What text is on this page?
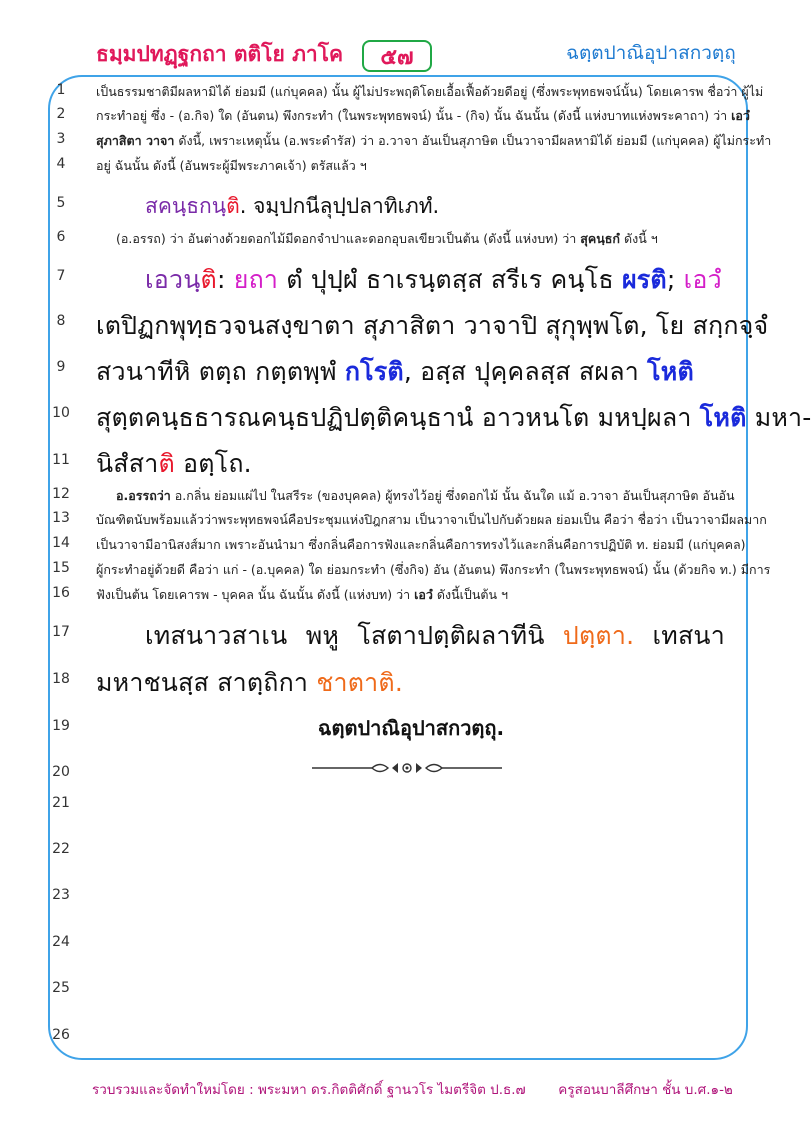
ธมฺมปทฏฺฐกถา ตติโย ภาโค ๕๗	ฉตฺตปาณิอุปาสกวตฺถุ
1
2
3
4
5
6
7
8
9
10
11
12
13
14
15
16
17
18
19
20
21
22
23
24
25
26
เป็นธรรมชาติมีผลหามิได้ ย่อมมี (แก่บุคคล) นั้น ผู้ไม่ประพฤติโดยเอื้อเฟื้อด้วยดีอยู่ (ซึ่งพระพุทธพจน์นั้น) โดยเคารพ ชื่อว่า ผู้ไม่
กระทำอยู่ ซึ่ง - (อ.กิจ) ใด (อันตน) พึงกระทำ (ในพระพุทธพจน์) นั้น - (กิจ) นั้น ฉันนั้น (ดังนี้ แห่งบาทแห่งพระคาถา) ว่า เอวํ
สุภาสิตา วาจา ดังนี้, เพราะเหตุนั้น (อ.พระดำรัส) ว่า อ.วาจา อันเป็นสุภาษิต เป็นวาจามีผลหามิได้ ย่อมมี (แก่บุคคล) ผู้ไม่กระทำ
อยู่ ฉันนั้น ดังนี้ (อันพระผู้มีพระภาคเจ้า) ตรัสแล้ว ฯ
สคนฺธกนฺติ. จมฺปกนีลุปฺปลาทิเภทํ.
(อ.อรรถ) ว่า อันต่างด้วยดอกไม้มีดอกจำปาและดอกอุบลเขียวเป็นต้น (ดังนี้ แห่งบท) ว่า สุคนฺธกํ ดังนี้ ฯ
เอวนฺติ: ยถา ตํ ปุปฺผํ ธาเรนฺตสฺส สรีเร คนฺโธ ผรติ; เอวํ
เตปิฏกพุทฺธวจนสงฺขาตา สุภาสิตา วาจาปิ สุกุพฺพโต, โย สกฺกจฺจํ
สวนาทีหิ ตตฺถ กตฺตพฺพํ กโรติ, อสฺส ปุคฺคลสฺส สผลา โหติ
สุตฺตคนฺธธารณคนฺธปฏิปตฺติคนฺธานํ อาวหนโต มหปฺผลา โหติ มหา-
นิสํสาติ อตฺโถ.
อ.อรรถว่า อ.กลิ่น ย่อมแผ่ไป ในสรีระ (ของบุคคล) ผู้ทรงไว้อยู่ ซึ่งดอกไม้ นั้น ฉันใด แม้ อ.วาจา อันเป็นสุภาษิต อันอัน
บัณฑิตนับพร้อมแล้วว่าพระพุทธพจน์คือประชุมแห่งปิฎกสาม เป็นวาจาเป็นไปกับด้วยผล ย่อมเป็น คือว่า ชื่อว่า เป็นวาจามีผลมาก
เป็นวาจามีอานิสงส์มาก เพราะอันนำมา ซึ่งกลิ่นคือการฟังและกลิ่นคือการทรงไว้และกลิ่นคือการปฏิบัติ ท. ย่อมมี (แก่บุคคล)
ผู้กระทำอยู่ด้วยดี คือว่า แก่ - (อ.บุคคล) ใด ย่อมกระทำ (ซึ่งกิจ) อัน (อันตน) พึงกระทำ (ในพระพุทธพจน์) นั้น (ด้วยกิจ ท.) มีการ
ฟังเป็นต้น โดยเคารพ - บุคคล นั้น ฉันนั้น ดังนี้ (แห่งบท) ว่า เอวํ ดังนี้เป็นต้น ฯ
เทสนาวสาเน พหู โสตาปตฺติผลาทีนิ ปตฺตา. เทสนา
มหาชนสฺส สาตฺถิกา ชาตาติ.
ฉตฺตปาณิอุปาสกวตฺถุ.
รวบรวมและจัดทำใหม่โดย : พระมหา ดร.กิตติศักดิ์ ฐานวโร ไมตรีจิต ป.ธ.๗ ครูสอนบาลีศึกษา ชั้น บ.ศ.๑-๒
